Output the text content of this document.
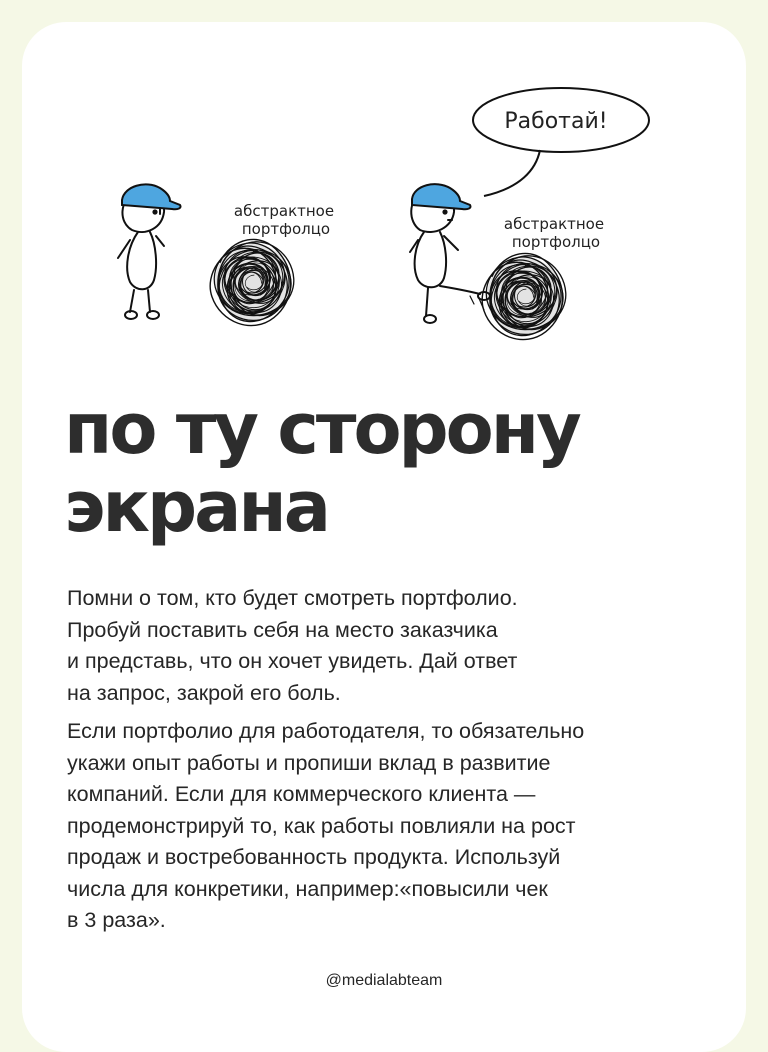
абстрактное
портфолцо
Работай!
абстрактное
портфолцо
по ту сторону
экрана

Помни о том, кто будет смотреть портфолио.
Пробуй поставить себя на место заказчика
и представь, что он хочет увидеть. Дай ответ
на запрос, закрой его боль.

Если портфолио для работодателя, то обязательно
укажи опыт работы и пропиши вклад в развитие
компаний. Если для коммерческого клиента —
продемонстрируй то, как работы повлияли на рост
продаж и востребованность продукта. Используй
числа для конкретики, например:«повысили чек
в 3 раза».

@medialabteam
